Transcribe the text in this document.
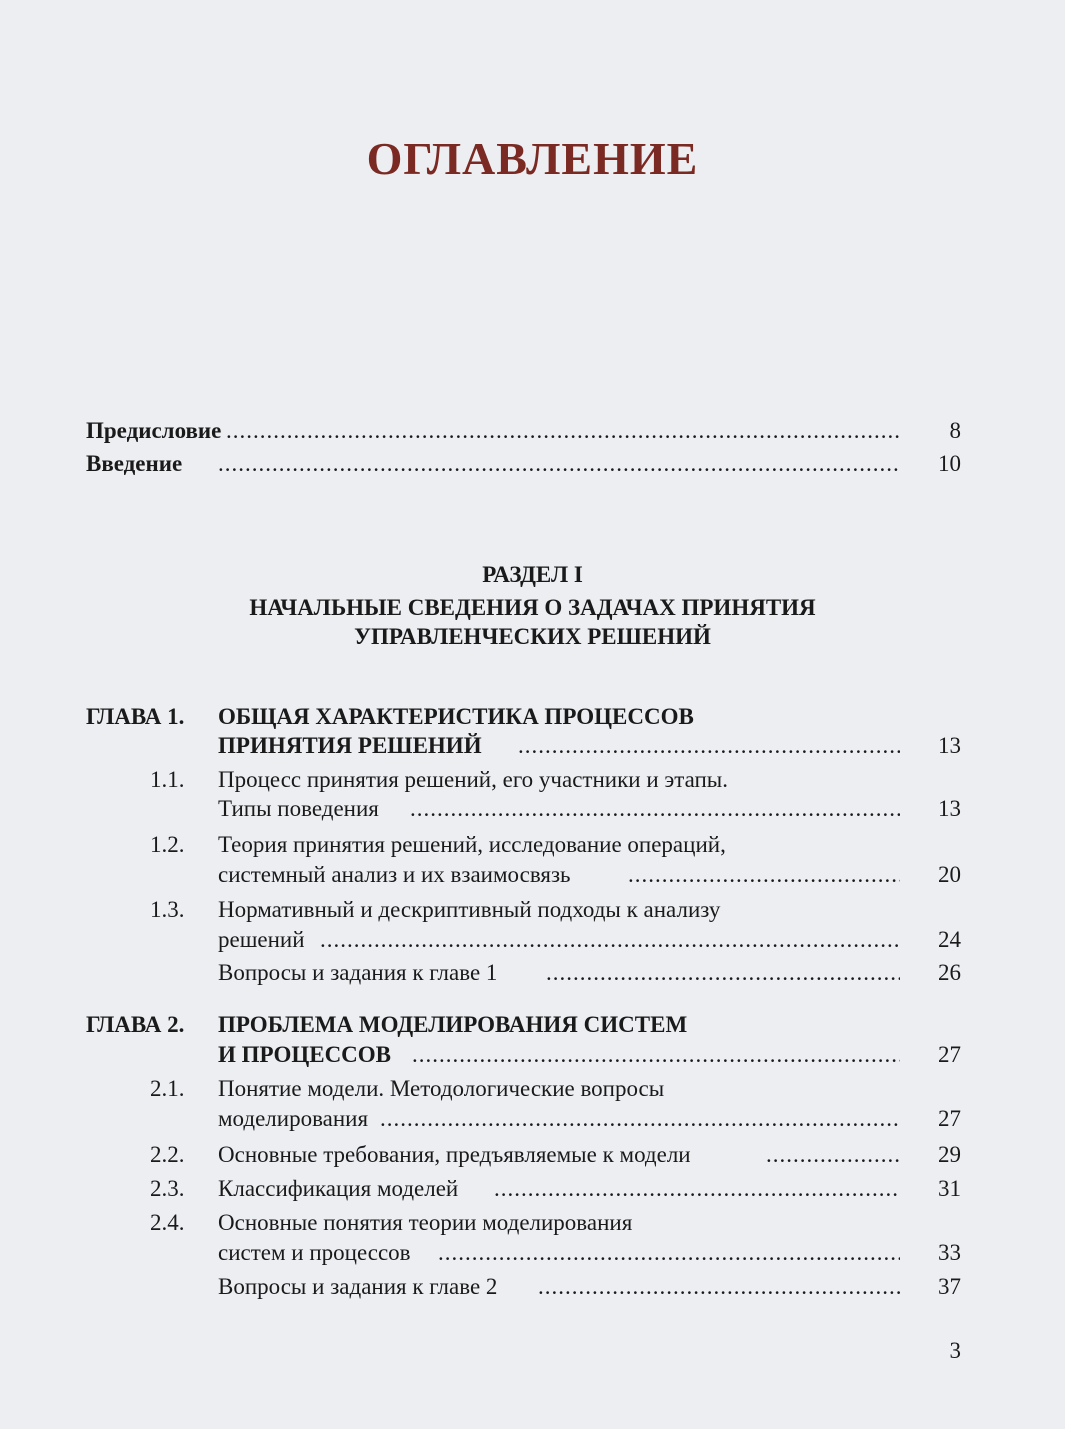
ОГЛАВЛЕНИЕ
Предисловие .....	8
Введение .....	10
РАЗДЕЛ I
НАЧАЛЬНЫЕ СВЕДЕНИЯ О ЗАДАЧАХ ПРИНЯТИЯ
УПРАВЛЕНЧЕСКИХ РЕШЕНИЙ
ГЛАВА 1. ОБЩАЯ ХАРАКТЕРИСТИКА ПРОЦЕССОВ
ПРИНЯТИЯ РЕШЕНИЙ .....	13
1.1. Процесс принятия решений, его участники и этапы.
Типы поведения .....	13
1.2. Теория принятия решений, исследование операций,
системный анализ и их взаимосвязь .....	20
1.3. Нормативный и дескриптивный подходы к анализу
решений .....	24
Вопросы и задания к главе 1 .....	26
ГЛАВА 2. ПРОБЛЕМА МОДЕЛИРОВАНИЯ СИСТЕМ
И ПРОЦЕССОВ .....	27
2.1. Понятие модели. Методологические вопросы
моделирования .....	27
2.2. Основные требования, предъявляемые к модели .....	29
2.3. Классификация моделей .....	31
2.4. Основные понятия теории моделирования
систем и процессов .....	33
Вопросы и задания к главе 2 .....	37
3
